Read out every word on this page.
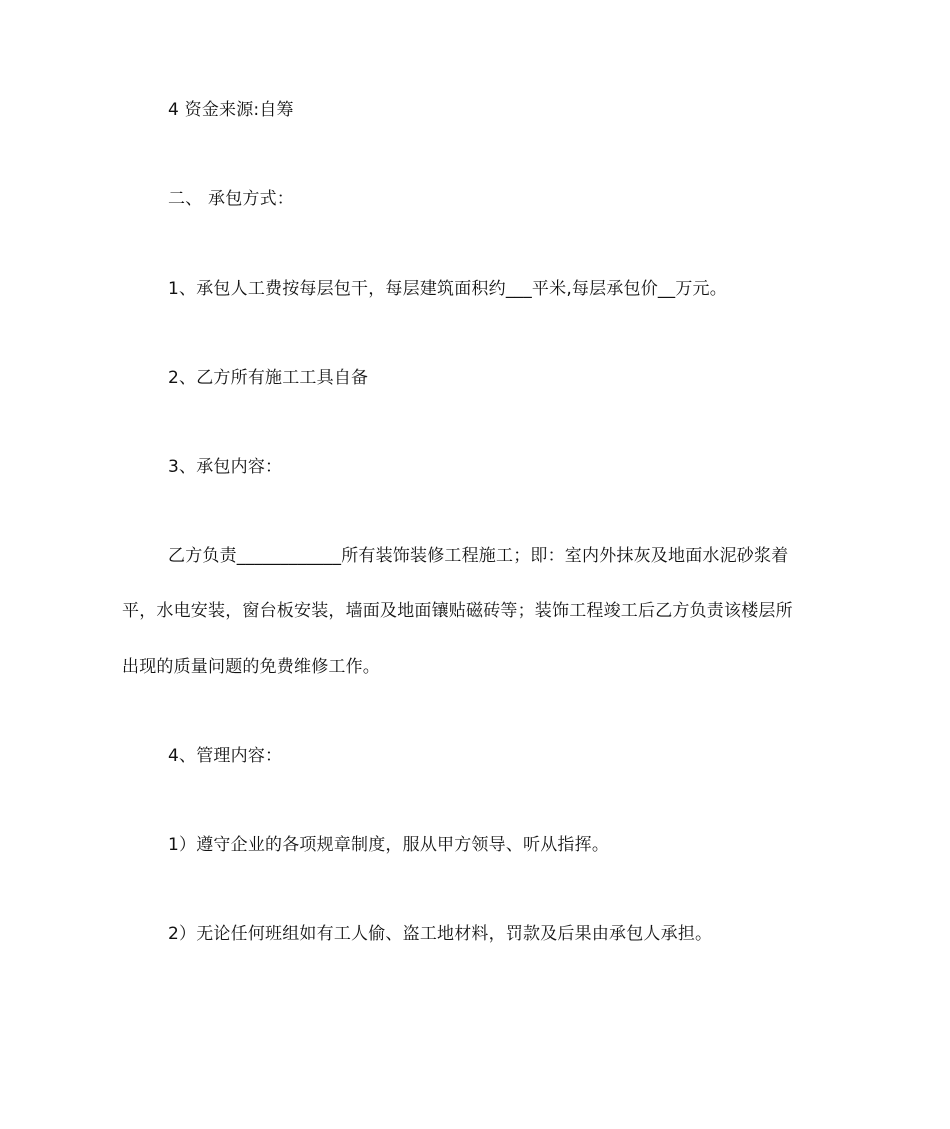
4 资金来源:自筹
二、 承包方式：
1、承包人工费按每层包干，每层建筑面积约___平米,每层承包价__万元。
2、乙方所有施工工具自备
3、承包内容：
乙方负责____________所有装饰装修工程施工；即：室内外抹灰及地面水泥砂浆着
平，水电安装，窗台板安装，墙面及地面镶贴磁砖等；装饰工程竣工后乙方负责该楼层所
出现的质量问题的免费维修工作。
4、管理内容：
1）遵守企业的各项规章制度，服从甲方领导、听从指挥。
2）无论任何班组如有工人偷、盗工地材料，罚款及后果由承包人承担。
